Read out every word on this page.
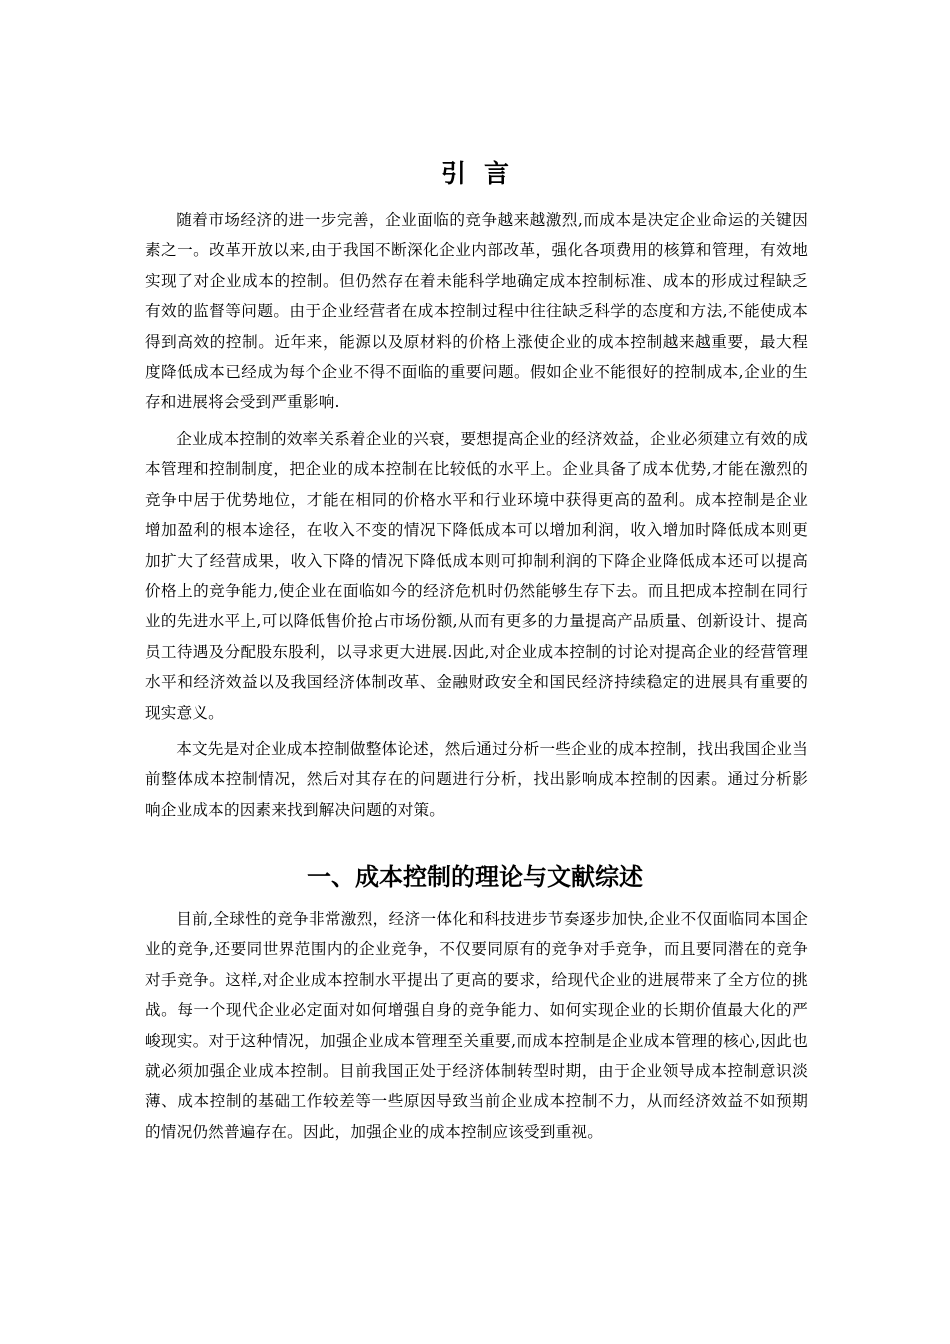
引言

随着市场经济的进一步完善，企业面临的竞争越来越激烈,而成本是决定企业命运的关键因素之一。改革开放以来,由于我国不断深化企业内部改革，强化各项费用的核算和管理，有效地实现了对企业成本的控制。但仍然存在着未能科学地确定成本控制标准、成本的形成过程缺乏有效的监督等问题。由于企业经营者在成本控制过程中往往缺乏科学的态度和方法,不能使成本得到高效的控制。近年来，能源以及原材料的价格上涨使企业的成本控制越来越重要，最大程度降低成本已经成为每个企业不得不面临的重要问题。假如企业不能很好的控制成本,企业的生存和进展将会受到严重影响.

企业成本控制的效率关系着企业的兴衰，要想提高企业的经济效益，企业必须建立有效的成本管理和控制制度，把企业的成本控制在比较低的水平上。企业具备了成本优势,才能在激烈的竞争中居于优势地位，才能在相同的价格水平和行业环境中获得更高的盈利。成本控制是企业增加盈利的根本途径，在收入不变的情况下降低成本可以增加利润，收入增加时降低成本则更加扩大了经营成果，收入下降的情况下降低成本则可抑制利润的下降企业降低成本还可以提高价格上的竞争能力,使企业在面临如今的经济危机时仍然能够生存下去。而且把成本控制在同行业的先进水平上,可以降低售价抢占市场份额,从而有更多的力量提高产品质量、创新设计、提高员工待遇及分配股东股利，以寻求更大进展.因此,对企业成本控制的讨论对提高企业的经营管理水平和经济效益以及我国经济体制改革、金融财政安全和国民经济持续稳定的进展具有重要的现实意义。

本文先是对企业成本控制做整体论述，然后通过分析一些企业的成本控制，找出我国企业当前整体成本控制情况，然后对其存在的问题进行分析，找出影响成本控制的因素。通过分析影响企业成本的因素来找到解决问题的对策。

一、成本控制的理论与文献综述

目前,全球性的竞争非常激烈，经济一体化和科技进步节奏逐步加快,企业不仅面临同本国企业的竞争,还要同世界范围内的企业竞争，不仅要同原有的竞争对手竞争，而且要同潜在的竞争对手竞争。这样,对企业成本控制水平提出了更高的要求，给现代企业的进展带来了全方位的挑战。每一个现代企业必定面对如何增强自身的竞争能力、如何实现企业的长期价值最大化的严峻现实。对于这种情况，加强企业成本管理至关重要,而成本控制是企业成本管理的核心,因此也就必须加强企业成本控制。目前我国正处于经济体制转型时期，由于企业领导成本控制意识淡薄、成本控制的基础工作较差等一些原因导致当前企业成本控制不力，从而经济效益不如预期的情况仍然普遍存在。因此，加强企业的成本控制应该受到重视。
